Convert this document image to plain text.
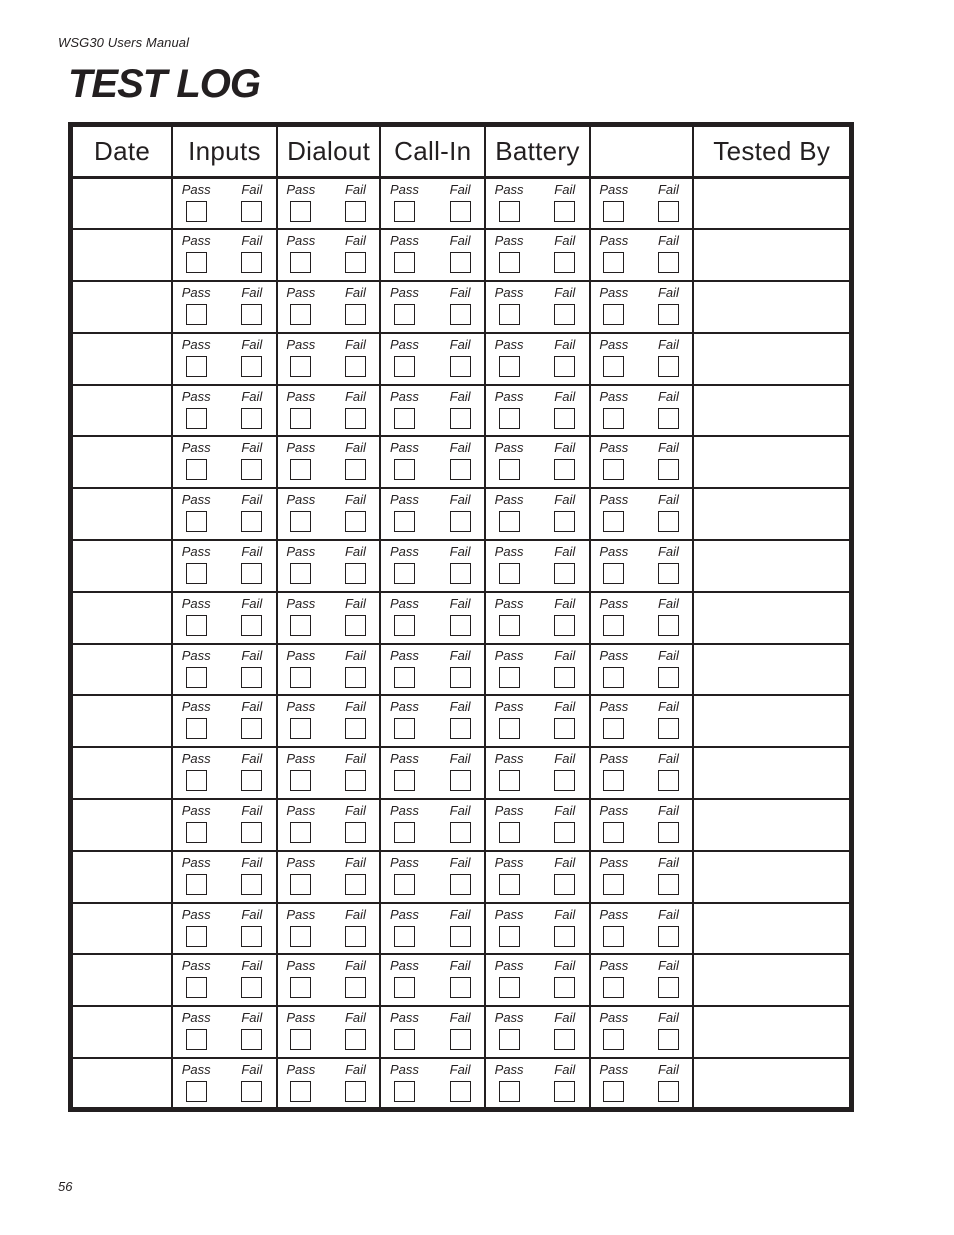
WSG30 Users Manual
TEST LOG
Date	Inputs	Dialout	Call-In	Battery		Tested By

	Pass Fail	Pass Fail	Pass Fail	Pass Fail	Pass Fail	

	Pass Fail	Pass Fail	Pass Fail	Pass Fail	Pass Fail	

	Pass Fail	Pass Fail	Pass Fail	Pass Fail	Pass Fail	

	Pass Fail	Pass Fail	Pass Fail	Pass Fail	Pass Fail	

	Pass Fail	Pass Fail	Pass Fail	Pass Fail	Pass Fail	

	Pass Fail	Pass Fail	Pass Fail	Pass Fail	Pass Fail	

	Pass Fail	Pass Fail	Pass Fail	Pass Fail	Pass Fail	

	Pass Fail	Pass Fail	Pass Fail	Pass Fail	Pass Fail	

	Pass Fail	Pass Fail	Pass Fail	Pass Fail	Pass Fail	

	Pass Fail	Pass Fail	Pass Fail	Pass Fail	Pass Fail	

	Pass Fail	Pass Fail	Pass Fail	Pass Fail	Pass Fail	

	Pass Fail	Pass Fail	Pass Fail	Pass Fail	Pass Fail	

	Pass Fail	Pass Fail	Pass Fail	Pass Fail	Pass Fail	

	Pass Fail	Pass Fail	Pass Fail	Pass Fail	Pass Fail	

	Pass Fail	Pass Fail	Pass Fail	Pass Fail	Pass Fail	

	Pass Fail	Pass Fail	Pass Fail	Pass Fail	Pass Fail	

	Pass Fail	Pass Fail	Pass Fail	Pass Fail	Pass Fail	

	Pass Fail	Pass Fail	Pass Fail	Pass Fail	Pass Fail	

56
